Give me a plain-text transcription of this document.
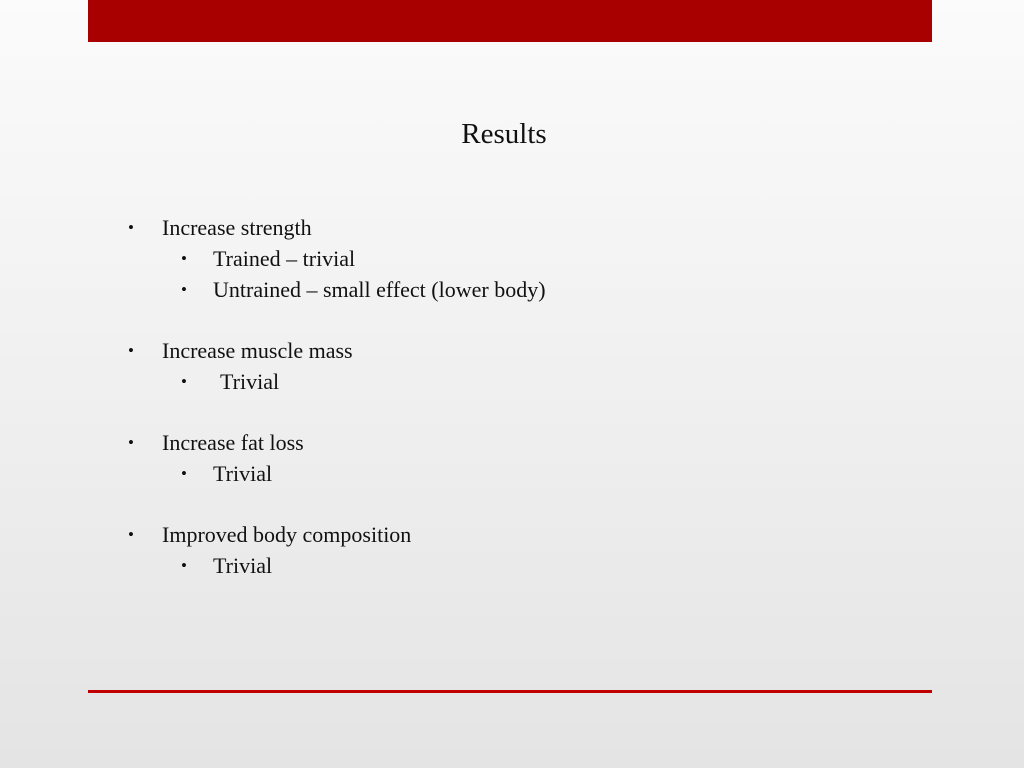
Results
• Increase strength
• Trained – trivial
• Untrained – small effect (lower body)
• Increase muscle mass
• Trivial
• Increase fat loss
• Trivial
• Improved body composition
• Trivial
